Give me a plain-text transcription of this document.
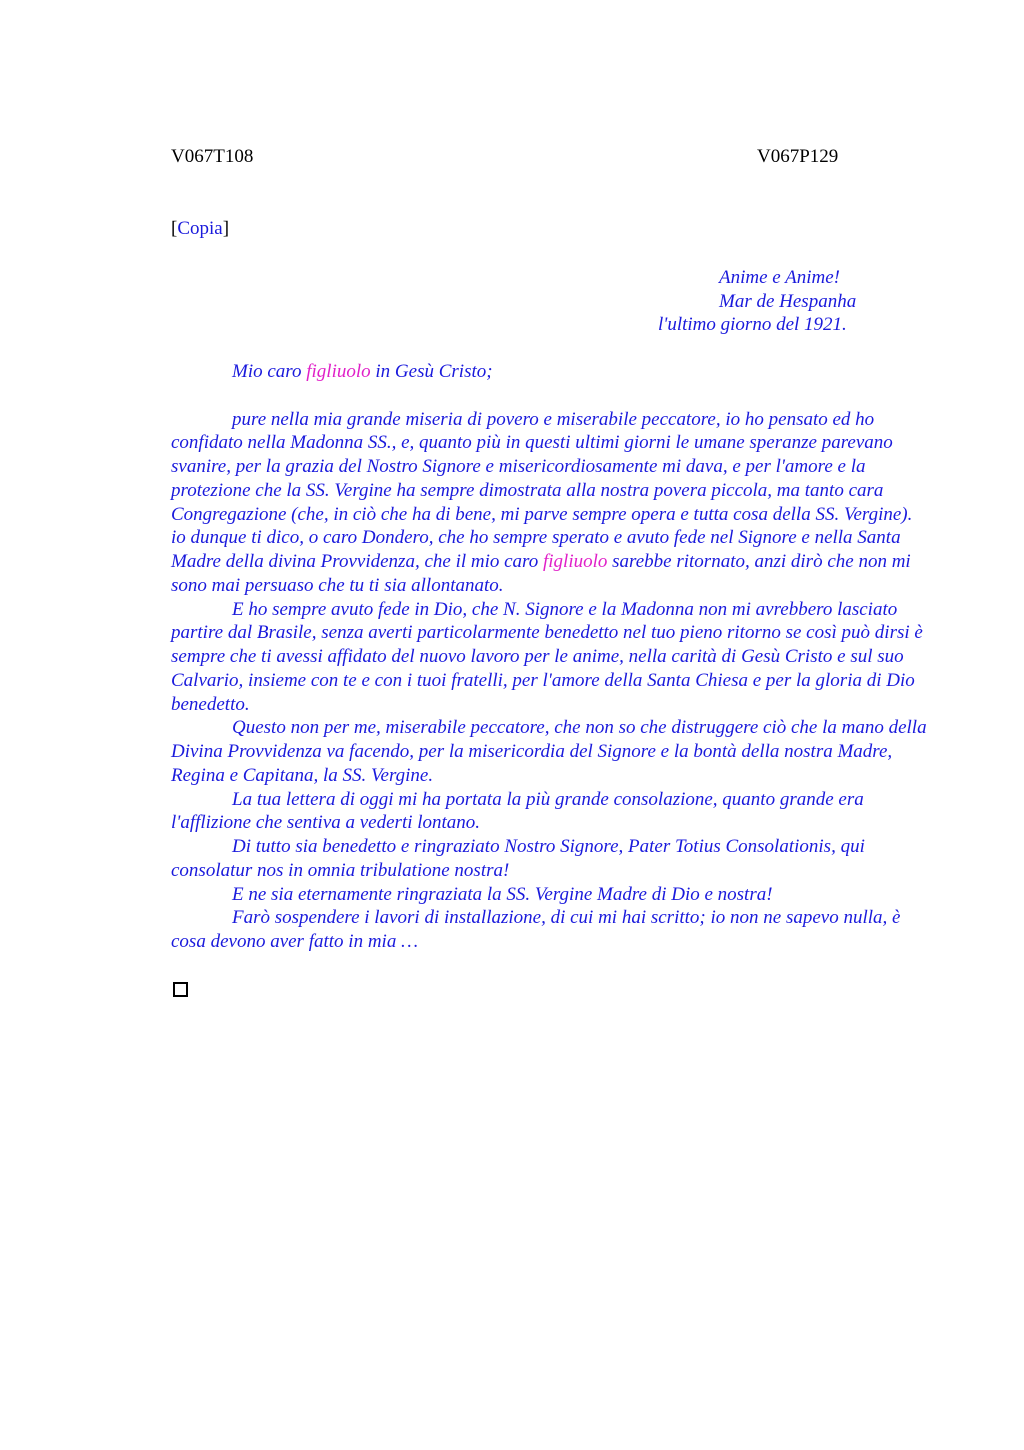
V067T108	V067P129
[Copia]
Anime e Anime!
Mar de Hespanha
l'ultimo giorno del 1921.

Mio caro figliuolo in Gesù Cristo;

pure nella mia grande miseria di povero e miserabile peccatore, io ho pensato ed ho confidato nella Madonna SS., e, quanto più in questi ultimi giorni le umane speranze parevano svanire, per la grazia del Nostro Signore e misericordiosamente mi dava, e per l'amore e la protezione che la SS. Vergine ha sempre dimostrata alla nostra povera piccola, ma tanto cara Congregazione (che, in ciò che ha di bene, mi parve sempre opera e tutta cosa della SS. Vergine).

io dunque ti dico, o caro Dondero, che ho sempre sperato e avuto fede nel Signore e nella Santa Madre della divina Provvidenza, che il mio caro figliuolo sarebbe ritornato, anzi dirò che non mi sono mai persuaso che tu ti sia allontanato.

E ho sempre avuto fede in Dio, che N. Signore e la Madonna non mi avrebbero lasciato partire dal Brasile, senza averti particolarmente benedetto nel tuo pieno ritorno se così può dirsi è sempre che ti avessi affidato del nuovo lavoro per le anime, nella carità di Gesù Cristo e sul suo Calvario, insieme con te e con i tuoi fratelli, per l'amore della Santa Chiesa e per la gloria di Dio benedetto.

Questo non per me, miserabile peccatore, che non so che distruggere ciò che la mano della Divina Provvidenza va facendo, per la misericordia del Signore e la bontà della nostra Madre, Regina e Capitana, la SS. Vergine.

La tua lettera di oggi mi ha portata la più grande consolazione, quanto grande era l'afflizione che sentiva a vederti lontano.

Di tutto sia benedetto e ringraziato Nostro Signore, Pater Totius Consolationis, qui consolatur nos in omnia tribulatione nostra!

E ne sia eternamente ringraziata la SS. Vergine Madre di Dio e nostra!

Farò sospendere i lavori di installazione, di cui mi hai scritto; io non ne sapevo nulla, è cosa devono aver fatto in mia …
